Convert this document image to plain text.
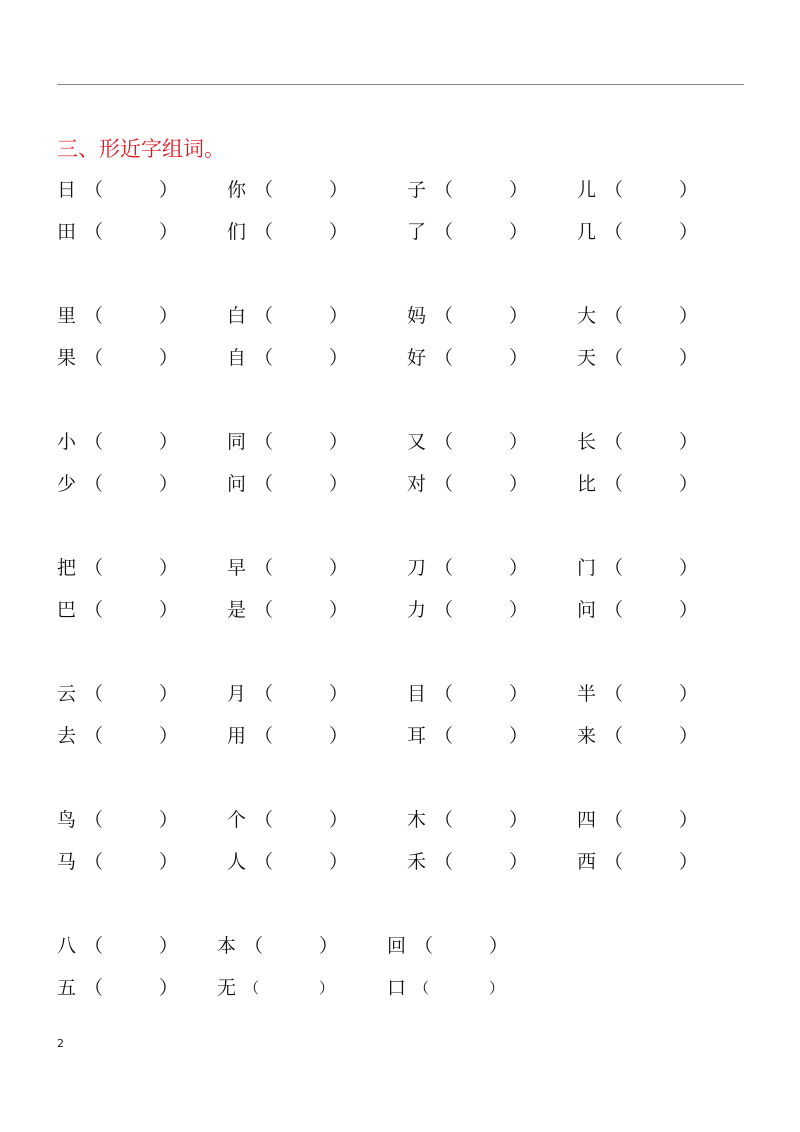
三、形近字组词。
日 （	）	你 （	）	子 （	）	儿 （	）
田 （	）	们 （	）	了 （	）	几 （	）
里 （	）	白 （	）	妈 （	）	大 （	）
果 （	）	自 （	）	好 （	）	天 （	）
小 （	）	同 （	）	又 （	）	长 （	）
少 （	）	问 （	）	对 （	）	比 （	）
把 （	）	早 （	）	刀 （	）	门 （	）
巴 （	）	是 （	）	力 （	）	问 （	）
云 （	）	月 （	）	目 （	）	半 （	）
去 （	）	用 （	）	耳 （	）	来 （	）
鸟 （	）	个 （	）	木 （	）	四 （	）
马 （	）	人 （	）	禾 （	）	西 （	）
八 （	） 本 （	）	回 （	）
五 （	） 无 （	）	口 （	）
2
